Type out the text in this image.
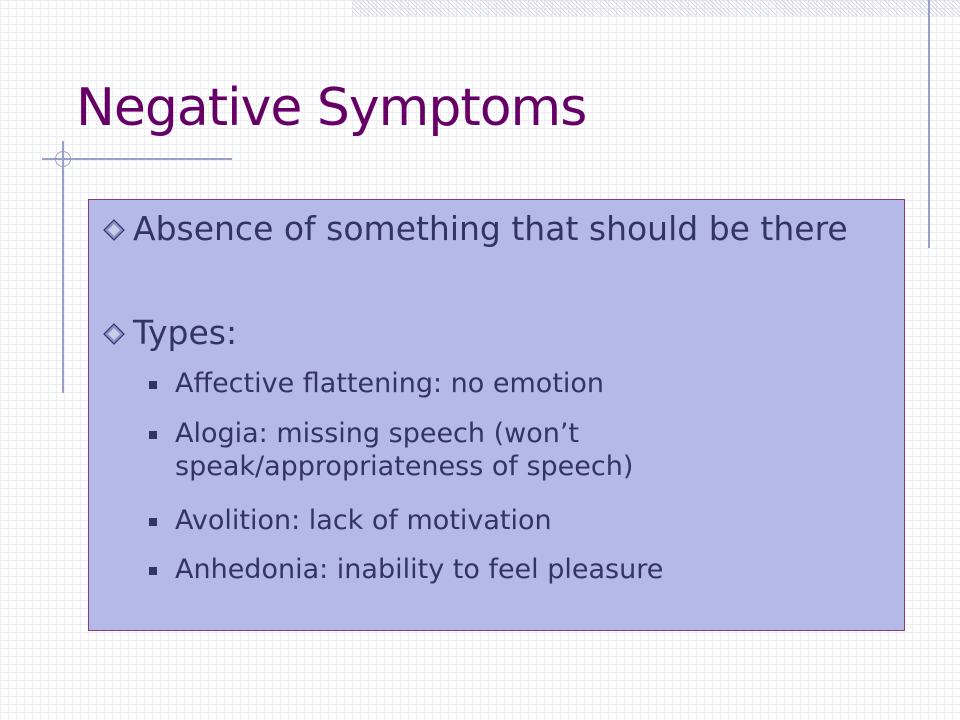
Negative Symptoms
Absence of something that should be there
Types:
Affective flattening: no emotion
Alogia: missing speech (won’t speak/appropriateness of speech)
Avolition: lack of motivation
Anhedonia: inability to feel pleasure
